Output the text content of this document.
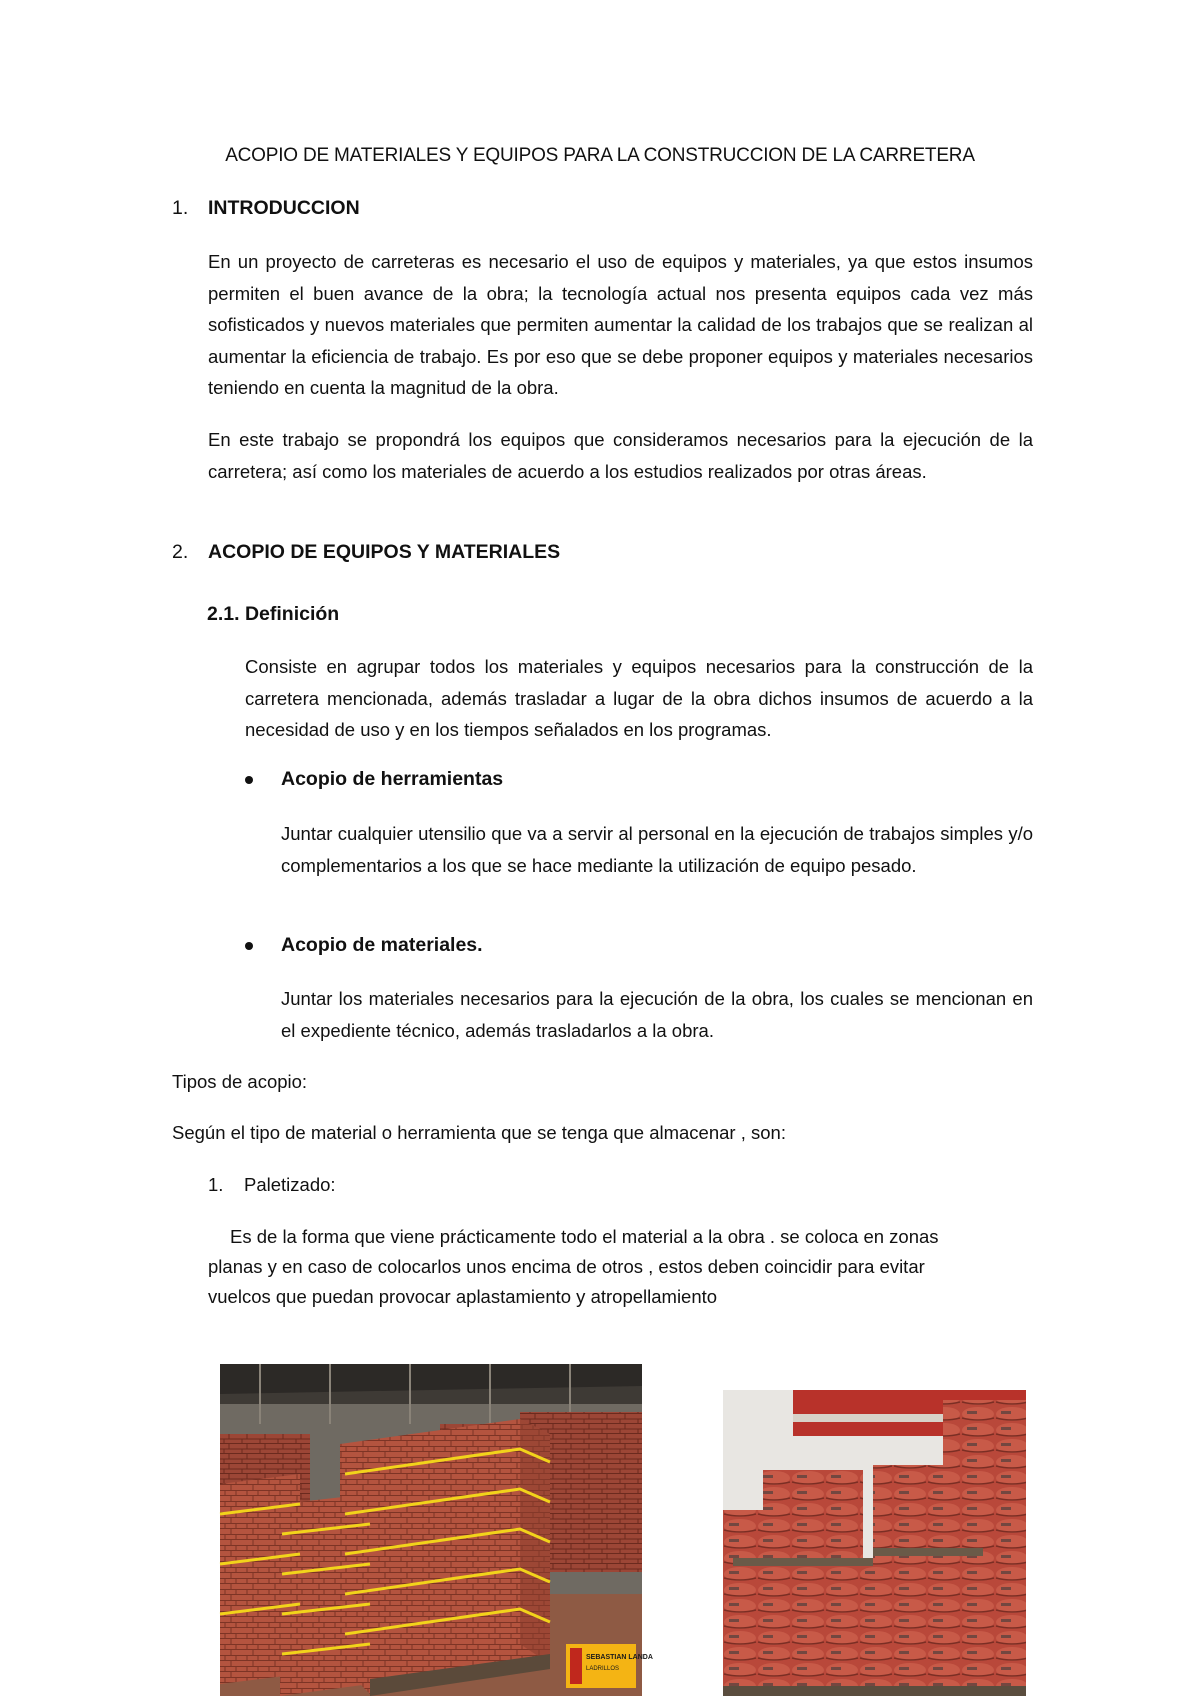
ACOPIO DE MATERIALES Y EQUIPOS PARA LA CONSTRUCCION DE LA CARRETERA
1. INTRODUCCION
En un proyecto de carreteras es necesario el uso de equipos y materiales, ya que estos insumos permiten el buen avance de la obra; la tecnología actual nos presenta equipos cada vez más sofisticados y nuevos materiales que permiten aumentar la calidad de los trabajos que se realizan al aumentar la eficiencia de trabajo. Es por eso que se debe proponer equipos y materiales necesarios teniendo en cuenta la magnitud de la obra.
En este trabajo se propondrá los equipos que consideramos necesarios para la ejecución de la carretera; así como los materiales de acuerdo a los estudios realizados por otras áreas.
2. ACOPIO DE EQUIPOS Y MATERIALES
2.1. Definición
Consiste en agrupar todos los materiales y equipos necesarios para la construcción de la carretera mencionada, además trasladar a lugar de la obra dichos insumos de acuerdo a la necesidad de uso y en los tiempos señalados en los programas.
Acopio de herramientas
Juntar cualquier utensilio que va a servir al personal en la ejecución de trabajos simples y/o complementarios a los que se hace mediante la utilización de equipo pesado.
Acopio de materiales.
Juntar los materiales necesarios para la ejecución de la obra, los cuales se mencionan en el expediente técnico, además trasladarlos a la obra.
Tipos de acopio:
Según el tipo de material o herramienta que se tenga que almacenar , son:
1. Paletizado:
Es de la forma que viene prácticamente todo el material a la obra . se coloca en zonas
planas y en caso de colocarlos unos encima de otros , estos deben coincidir para evitar
vuelcos que puedan provocar aplastamiento y atropellamiento
SEBASTIAN LANDA
LADRILLOS
